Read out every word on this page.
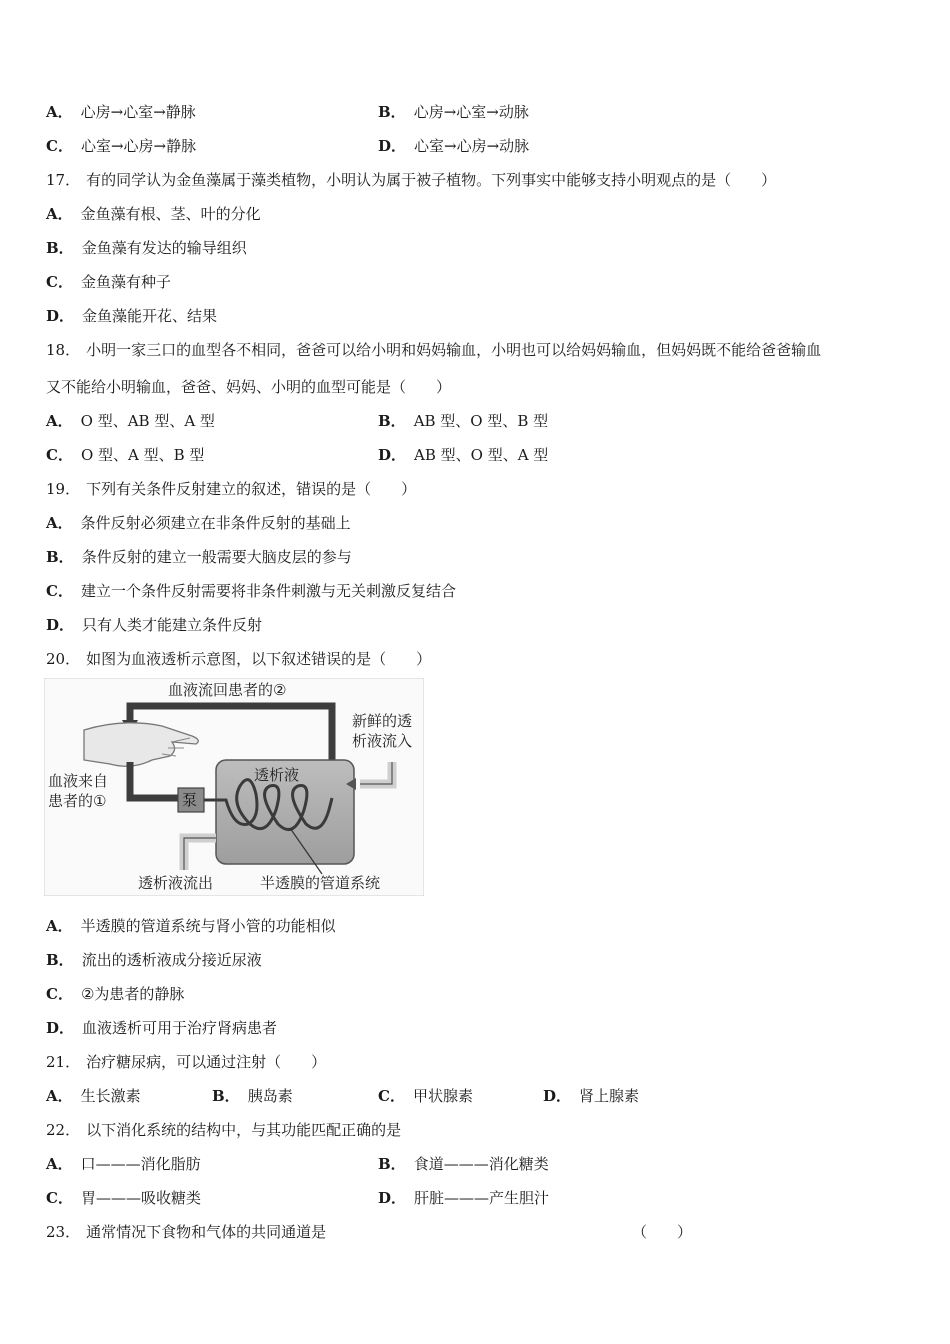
A． 心房→心室→静脉	B． 心房→心室→动脉
C． 心室→心房→静脉	D． 心室→心房→动脉
17． 有的同学认为金鱼藻属于藻类植物，小明认为属于被子植物。下列事实中能够支持小明观点的是（　　）
A． 金鱼藻有根、茎、叶的分化
B． 金鱼藻有发达的输导组织
C． 金鱼藻有种子
D． 金鱼藻能开花、结果
18． 小明一家三口的血型各不相同，爸爸可以给小明和妈妈输血，小明也可以给妈妈输血，但妈妈既不能给爸爸输血
又不能给小明输血，爸爸、妈妈、小明的血型可能是（　　）
A． O 型、AB 型、A 型	B． AB 型、O 型、B 型
C． O 型、A 型、B 型	D． AB 型、O 型、A 型
19． 下列有关条件反射建立的叙述，错误的是（　　）
A． 条件反射必须建立在非条件反射的基础上
B． 条件反射的建立一般需要大脑皮层的参与
C． 建立一个条件反射需要将非条件刺激与无关刺激反复结合
D． 只有人类才能建立条件反射
20． 如图为血液透析示意图，以下叙述错误的是（　　）
血液流回患者的②
新鲜的透
析液流入
血液来自
患者的①	泵
透析液
透析液流出	半透膜的管道系统
A． 半透膜的管道系统与肾小管的功能相似
B． 流出的透析液成分接近尿液
C． ②为患者的静脉
D． 血液透析可用于治疗肾病患者
21． 治疗糖尿病，可以通过注射（　　）
A． 生长激素	B． 胰岛素	C． 甲状腺素	D． 肾上腺素
22． 以下消化系统的结构中，与其功能匹配正确的是
A． 口———消化脂肪	B． 食道———消化糖类
C． 胃———吸收糖类	D． 肝脏———产生胆汁
23． 通常情况下食物和气体的共同通道是	（　　）
